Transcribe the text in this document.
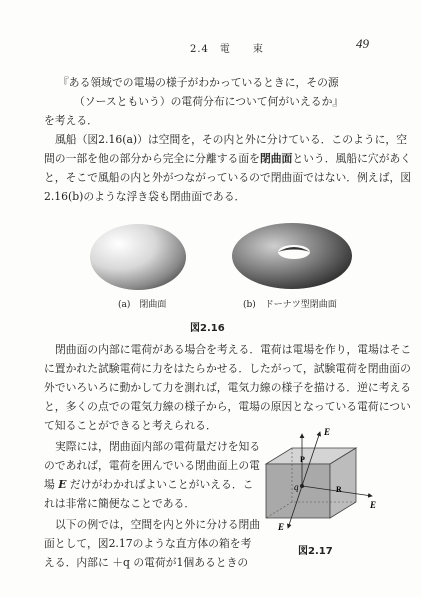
2.4　電　　束	49
『ある領域での電場の様子がわかっているときに，その源
（ソースともいう）の電荷分布について何がいえるか』
を考える．
風船（図2.16(a)）は空間を，その内と外に分けている．このように，空
間の一部を他の部分から完全に分離する面を閉曲面という．風船に穴があく
と，そこで風船の内と外がつながっているので閉曲面ではない．例えば，図
2.16(b)のような浮き袋も閉曲面である．
(a)　閉曲面	(b)　ドーナツ型閉曲面
図2.16
閉曲面の内部に電荷がある場合を考える．電荷は電場を作り，電場はそこ
に置かれた試験電荷に力をはたらかせる．したがって，試験電荷を閉曲面の
外でいろいろに動かして力を測れば，電気力線の様子を描ける．逆に考える
と，多くの点での電気力線の様子から，電場の原因となっている電荷につい
て知ることができると考えられる．
実際には，閉曲面内部の電荷量だけを知る
のであれば，電荷を囲んでいる閉曲面上の電
場 E だけがわかればよいことがいえる．こ
れは非常に簡便なことである．
以下の例では，空間を内と外に分ける閉曲
面として，図2.17のような直方体の箱を考
える．内部に ＋q の電荷が1個あるときの
q
P
R
E
E
E
図2.17
